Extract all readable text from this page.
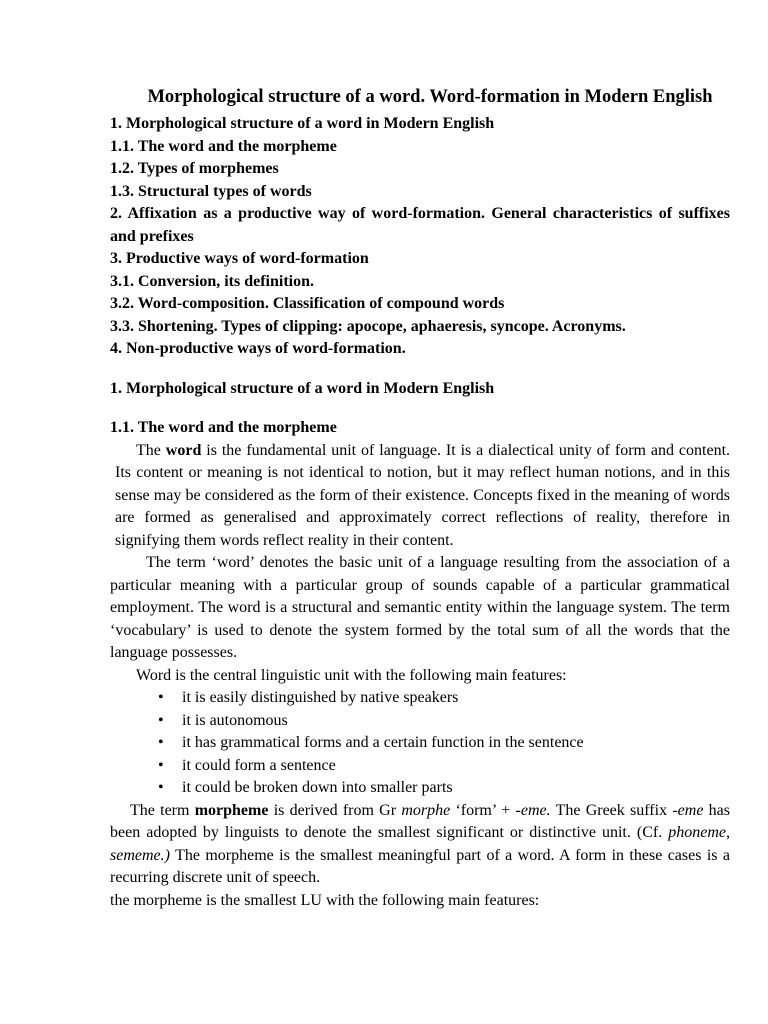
Morphological structure of a word. Word-formation in Modern English
1. Morphological structure of a word in Modern English
1.1. The word and the morpheme
1.2. Types of morphemes
1.3. Structural types of words
2. Affixation as a productive way of word-formation. General characteristics of suffixes and prefixes
3. Productive ways of word-formation
3.1. Conversion, its definition.
3.2. Word-composition. Classification of compound words
3.3. Shortening. Types of clipping: apocope, aphaeresis, syncope. Acronyms.
4. Non-productive ways of word-formation.
1. Morphological structure of a word in Modern English
1.1. The word and the morpheme

The word is the fundamental unit of language. It is a dialectical unity of form and content. Its content or meaning is not identical to notion, but it may reflect human notions, and in this sense may be considered as the form of their existence. Concepts fixed in the meaning of words are formed as generalised and approximately correct reflections of reality, therefore in signifying them words reflect reality in their content.

The term ‘word’ denotes the basic unit of a language resulting from the association of a particular meaning with a particular group of sounds capable of a particular grammatical employment. The word is a structural and semantic entity within the language system. The term ‘vocabulary’ is used to denote the system formed by the total sum of all the words that the language possesses.

Word is the central linguistic unit with the following main features:

• it is easily distinguished by native speakers
• it is autonomous
• it has grammatical forms and a certain function in the sentence
• it could form a sentence
• it could be broken down into smaller parts

The term morpheme is derived from Gr morphe ‘form’ + -eme. The Greek suffix -eme has been adopted by linguists to denote the smallest significant or distinctive unit. (Cf. phoneme, sememe.) The morpheme is the smallest meaningful part of a word. A form in these cases is a recurring discrete unit of speech.

the morpheme is the smallest LU with the following main features:
